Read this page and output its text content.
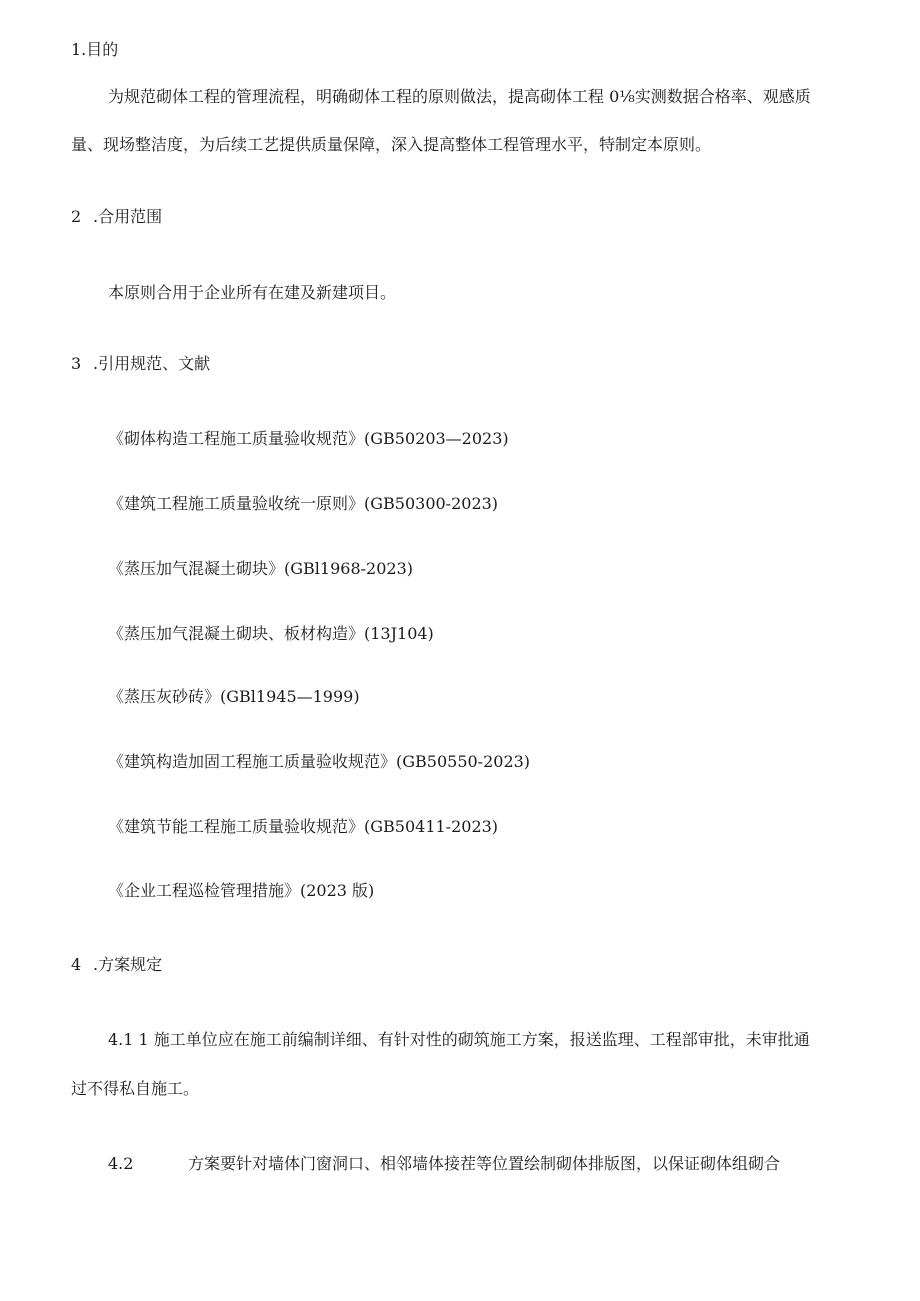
1.目的

为规范砌体工程的管理流程，明确砌体工程的原则做法，提高砌体工程 0⅛实测数据合格率、观感质

量、现场整洁度，为后续工艺提供质量保障，深入提高整体工程管理水平，特制定本原则。

2 .合用范围

本原则合用于企业所有在建及新建项目。

3 .引用规范、文献

《砌体构造工程施工质量验收规范》(GB50203—2023)

《建筑工程施工质量验收统一原则》(GB50300-2023)

《蒸压加气混凝土砌块》(GBl1968-2023)

《蒸压加气混凝土砌块、板材构造》(13J104)

《蒸压灰砂砖》(GBl1945—1999)

《建筑构造加固工程施工质量验收规范》(GB50550-2023)

《建筑节能工程施工质量验收规范》(GB50411-2023)

《企业工程巡检管理措施》(2023 版)

4 .方案规定

4.1 1 施工单位应在施工前编制详细、有针对性的砌筑施工方案，报送监理、工程部审批，未审批通

过不得私自施工。

4.2	方案要针对墙体门窗洞口、相邻墙体接茬等位置绘制砌体排版图，以保证砌体组砌合
